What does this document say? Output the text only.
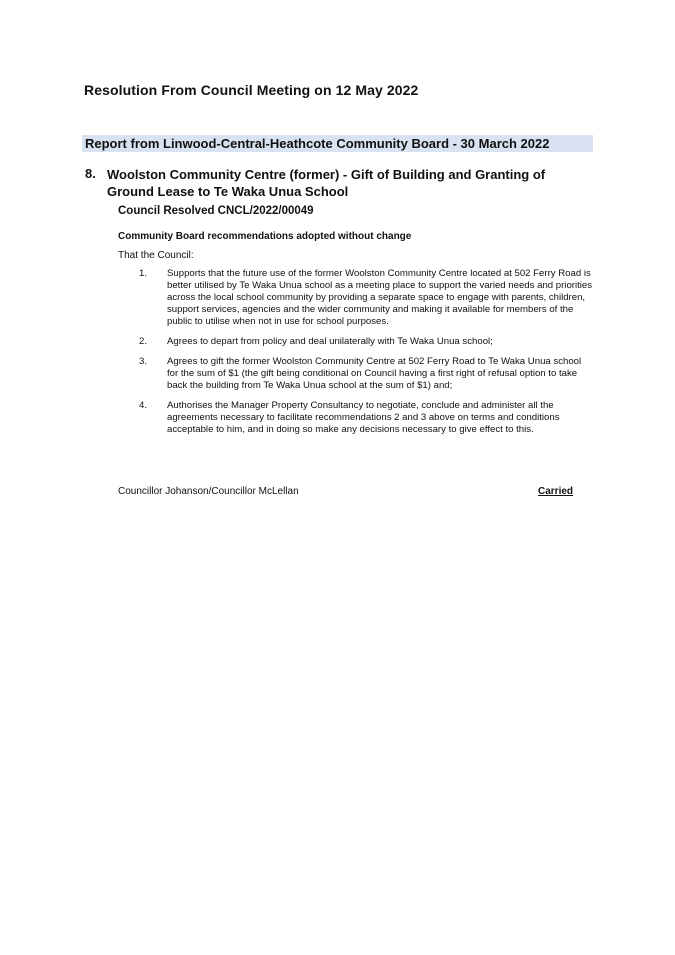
Resolution From Council Meeting on 12 May 2022
Report from Linwood-Central-Heathcote Community Board - 30 March 2022
8. Woolston Community Centre (former) - Gift of Building and Granting of Ground Lease to Te Waka Unua School
Council Resolved CNCL/2022/00049
Community Board recommendations adopted without change
That the Council:
1.	Supports that the future use of the former Woolston Community Centre located at 502 Ferry Road is better utilised by Te Waka Unua school as a meeting place to support the varied needs and priorities across the local school community by providing a separate space to engage with parents, children, support services, agencies and the wider community and making it available for members of the public to utilise when not in use for school purposes.
2.	Agrees to depart from policy and deal unilaterally with Te Waka Unua school;
3.	Agrees to gift the former Woolston Community Centre at 502 Ferry Road to Te Waka Unua school for the sum of $1 (the gift being conditional on Council having a first right of refusal option to take back the building from Te Waka Unua school at the sum of $1) and;
4.	Authorises the Manager Property Consultancy to negotiate, conclude and administer all the agreements necessary to facilitate recommendations 2 and 3 above on terms and conditions acceptable to him, and in doing so make any decisions necessary to give effect to this.
Councillor Johanson/Councillor McLellan	Carried
